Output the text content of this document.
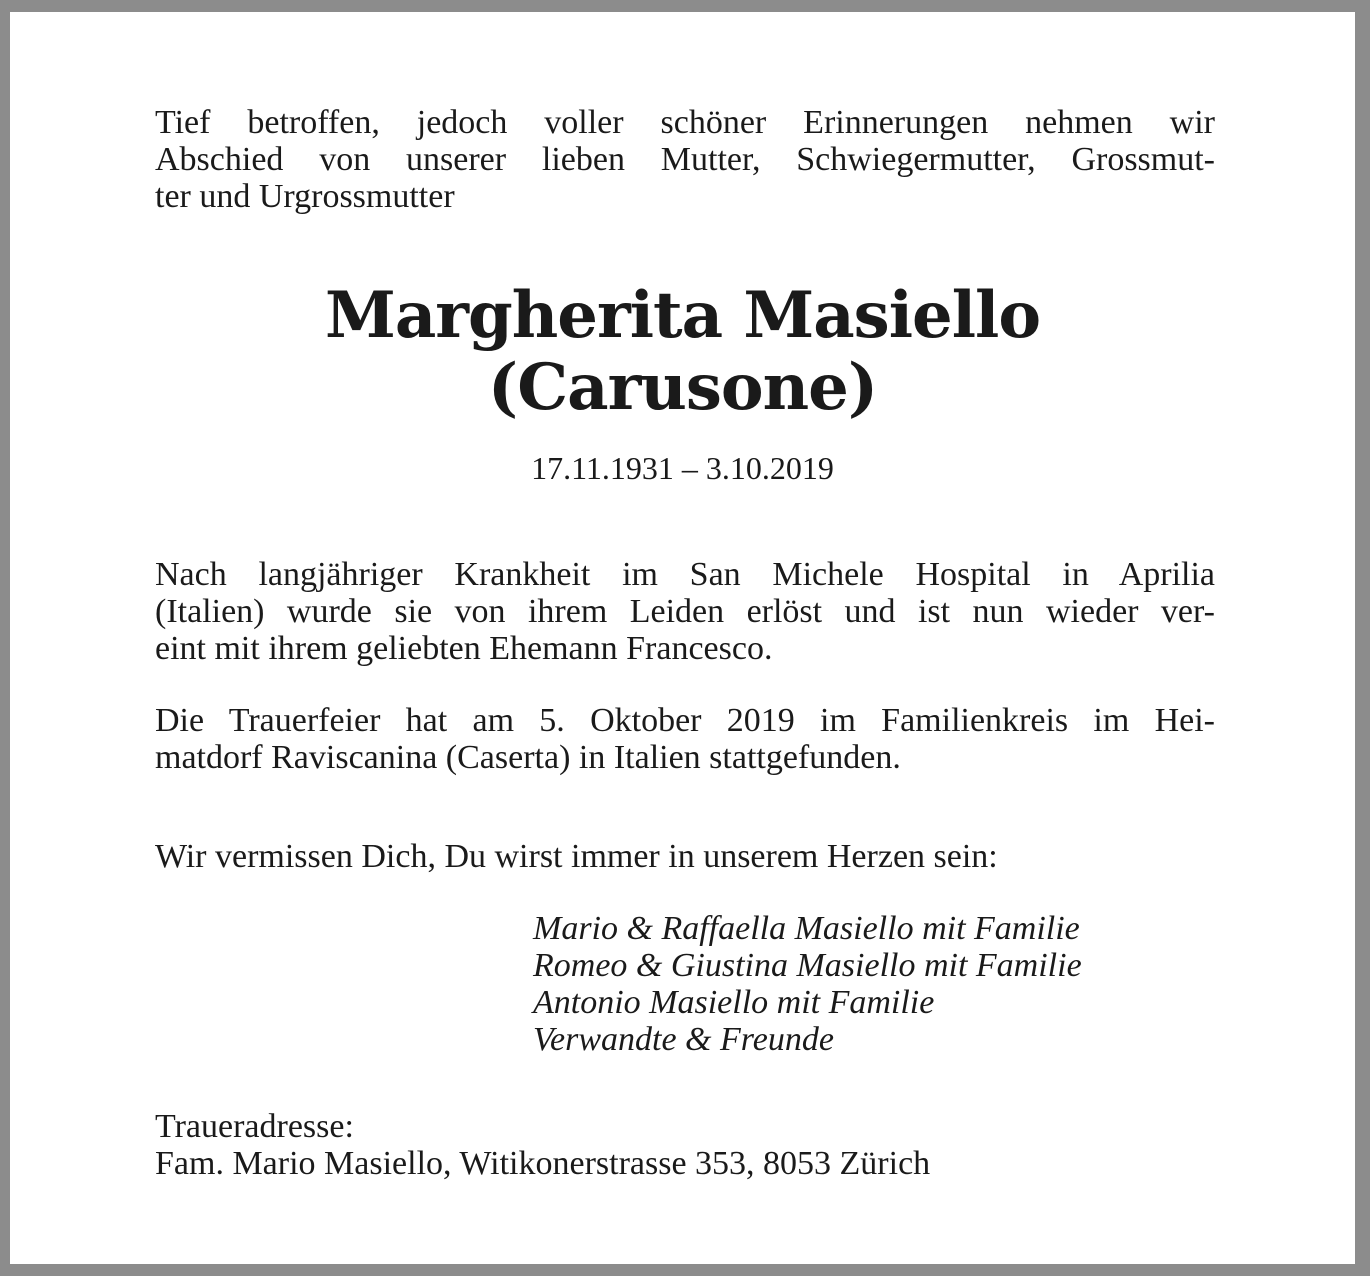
Tief betroffen, jedoch voller schöner Erinnerungen nehmen wir
Abschied von unserer lieben Mutter, Schwiegermutter, Grossmut-
ter und Urgrossmutter

Margherita Masiello
(Carusone)
17.11.1931 – 3.10.2019

Nach langjähriger Krankheit im San Michele Hospital in Aprilia
(Italien) wurde sie von ihrem Leiden erlöst und ist nun wieder ver-
eint mit ihrem geliebten Ehemann Francesco.

Die Trauerfeier hat am 5. Oktober 2019 im Familienkreis im Hei-
matdorf Raviscanina (Caserta) in Italien stattgefunden.

Wir vermissen Dich, Du wirst immer in unserem Herzen sein:

Mario & Raffaella Masiello mit Familie
Romeo & Giustina Masiello mit Familie
Antonio Masiello mit Familie
Verwandte & Freunde

Traueradresse:
Fam. Mario Masiello, Witikonerstrasse 353, 8053 Zürich
